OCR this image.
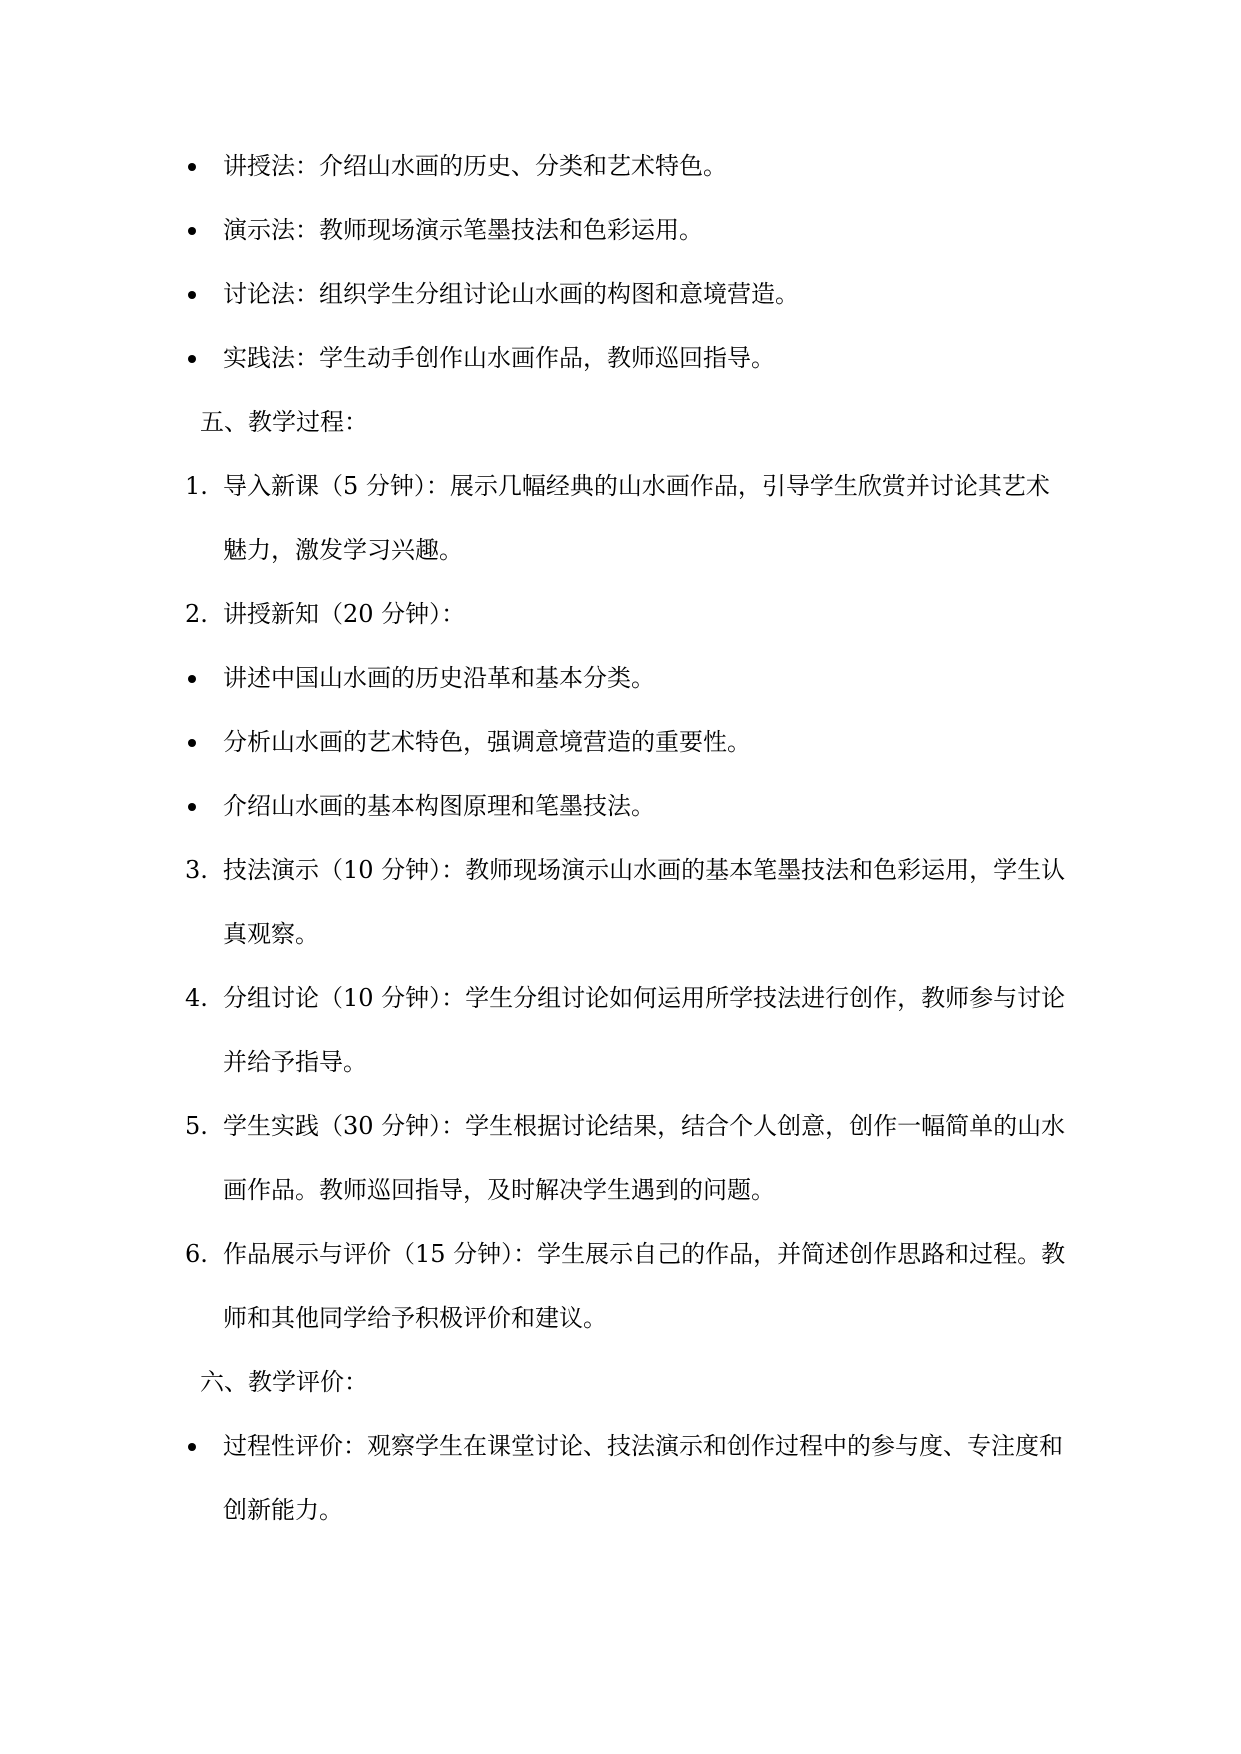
讲授法：介绍山水画的历史、分类和艺术特色。
演示法：教师现场演示笔墨技法和色彩运用。
讨论法：组织学生分组讨论山水画的构图和意境营造。
实践法：学生动手创作山水画作品，教师巡回指导。
五、教学过程：
1. 导入新课（5 分钟）：展示几幅经典的山水画作品，引导学生欣赏并讨论其艺术
魅力，激发学习兴趣。
2. 讲授新知（20 分钟）：
讲述中国山水画的历史沿革和基本分类。
分析山水画的艺术特色，强调意境营造的重要性。
介绍山水画的基本构图原理和笔墨技法。
3. 技法演示（10 分钟）：教师现场演示山水画的基本笔墨技法和色彩运用，学生认
真观察。
4. 分组讨论（10 分钟）：学生分组讨论如何运用所学技法进行创作，教师参与讨论
并给予指导。
5. 学生实践（30 分钟）：学生根据讨论结果，结合个人创意，创作一幅简单的山水
画作品。教师巡回指导，及时解决学生遇到的问题。
6. 作品展示与评价（15 分钟）：学生展示自己的作品，并简述创作思路和过程。教
师和其他同学给予积极评价和建议。
六、教学评价：
过程性评价：观察学生在课堂讨论、技法演示和创作过程中的参与度、专注度和
创新能力。
